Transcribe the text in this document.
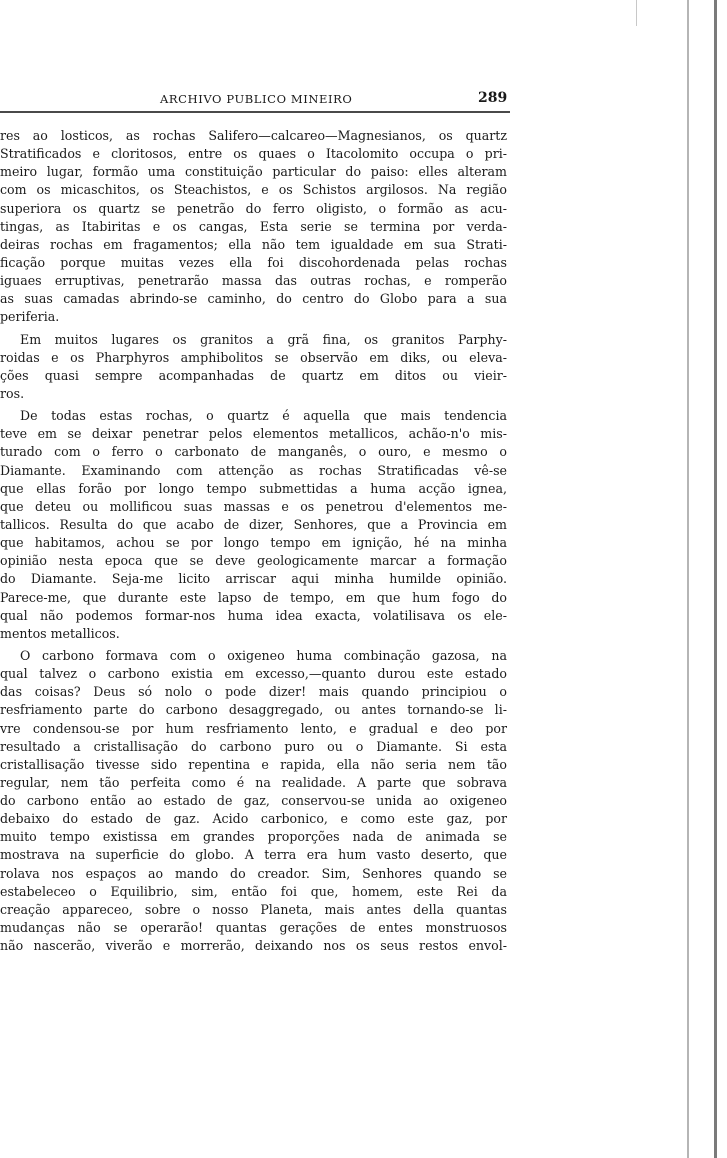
ARCHIVO PUBLICO MINEIRO	289
res ao losticos, as rochas Salifero—calcareo—Magnesianos, os quartz
Stratificados e cloritosos, entre os quaes o Itacolomito occupa o pri-
meiro lugar, formão uma constituição particular do paiso: elles alteram
com os micaschitos, os Steachistos, e os Schistos argilosos. Na região
superiora os quartz se penetrão do ferro oligisto, o formão as acu-
tingas, as Itabiritas e os cangas, Esta serie se termina por verda-
deiras rochas em fragamentos; ella não tem igualdade em sua Strati-
ficação porque muitas vezes ella foi discohordenada pelas rochas
iguaes erruptivas, penetrarão massa das outras rochas, e romperão
as suas camadas abrindo-se caminho, do centro do Globo para a sua
periferia.
Em muitos lugares os granitos a grã fina, os granitos Parphy-
roidas e os Pharphyros amphibolitos se observão em diks, ou eleva-
ções quasi sempre acompanhadas de quartz em ditos ou vieir-
ros.
De todas estas rochas, o quartz é aquella que mais tendencia
teve em se deixar penetrar pelos elementos metallicos, achão-n'o mis-
turado com o ferro o carbonato de manganês, o ouro, e mesmo o
Diamante. Examinando com attenção as rochas Stratificadas vê-se
que ellas forão por longo tempo submettidas a huma acção ignea,
que deteu ou mollificou suas massas e os penetrou d'elementos me-
tallicos. Resulta do que acabo de dizer, Senhores, que a Provincia em
que habitamos, achou se por longo tempo em ignição, hé na minha
opinião nesta epoca que se deve geologicamente marcar a formação
do Diamante. Seja-me licito arriscar aqui minha humilde opinião.
Parece-me, que durante este lapso de tempo, em que hum fogo do
qual não podemos formar-nos huma idea exacta, volatilisava os ele-
mentos metallicos.
O carbono formava com o oxigeneo huma combinação gazosa, na
qual talvez o carbono existia em excesso,—quanto durou este estado
das coisas? Deus só nolo o pode dizer! mais quando principiou o
resfriamento parte do carbono desaggregado, ou antes tornando-se li-
vre condensou-se por hum resfriamento lento, e gradual e deo por
resultado a cristallisação do carbono puro ou o Diamante. Si esta
cristallisação tivesse sido repentina e rapida, ella não seria nem tão
regular, nem tão perfeita como é na realidade. A parte que sobrava
do carbono então ao estado de gaz, conservou-se unida ao oxigeneo
debaixo do estado de gaz. Acido carbonico, e como este gaz, por
muito tempo existissa em grandes proporções nada de animada se
mostrava na superficie do globo. A terra era hum vasto deserto, que
rolava nos espaços ao mando do creador. Sim, Senhores quando se
estabeleceo o Equilibrio, sim, então foi que, homem, este Rei da
creação appareceo, sobre o nosso Planeta, mais antes della quantas
mudanças não se operarão! quantas gerações de entes monstruosos
não nascerão, viverão e morrerão, deixando nos os seus restos envol-
